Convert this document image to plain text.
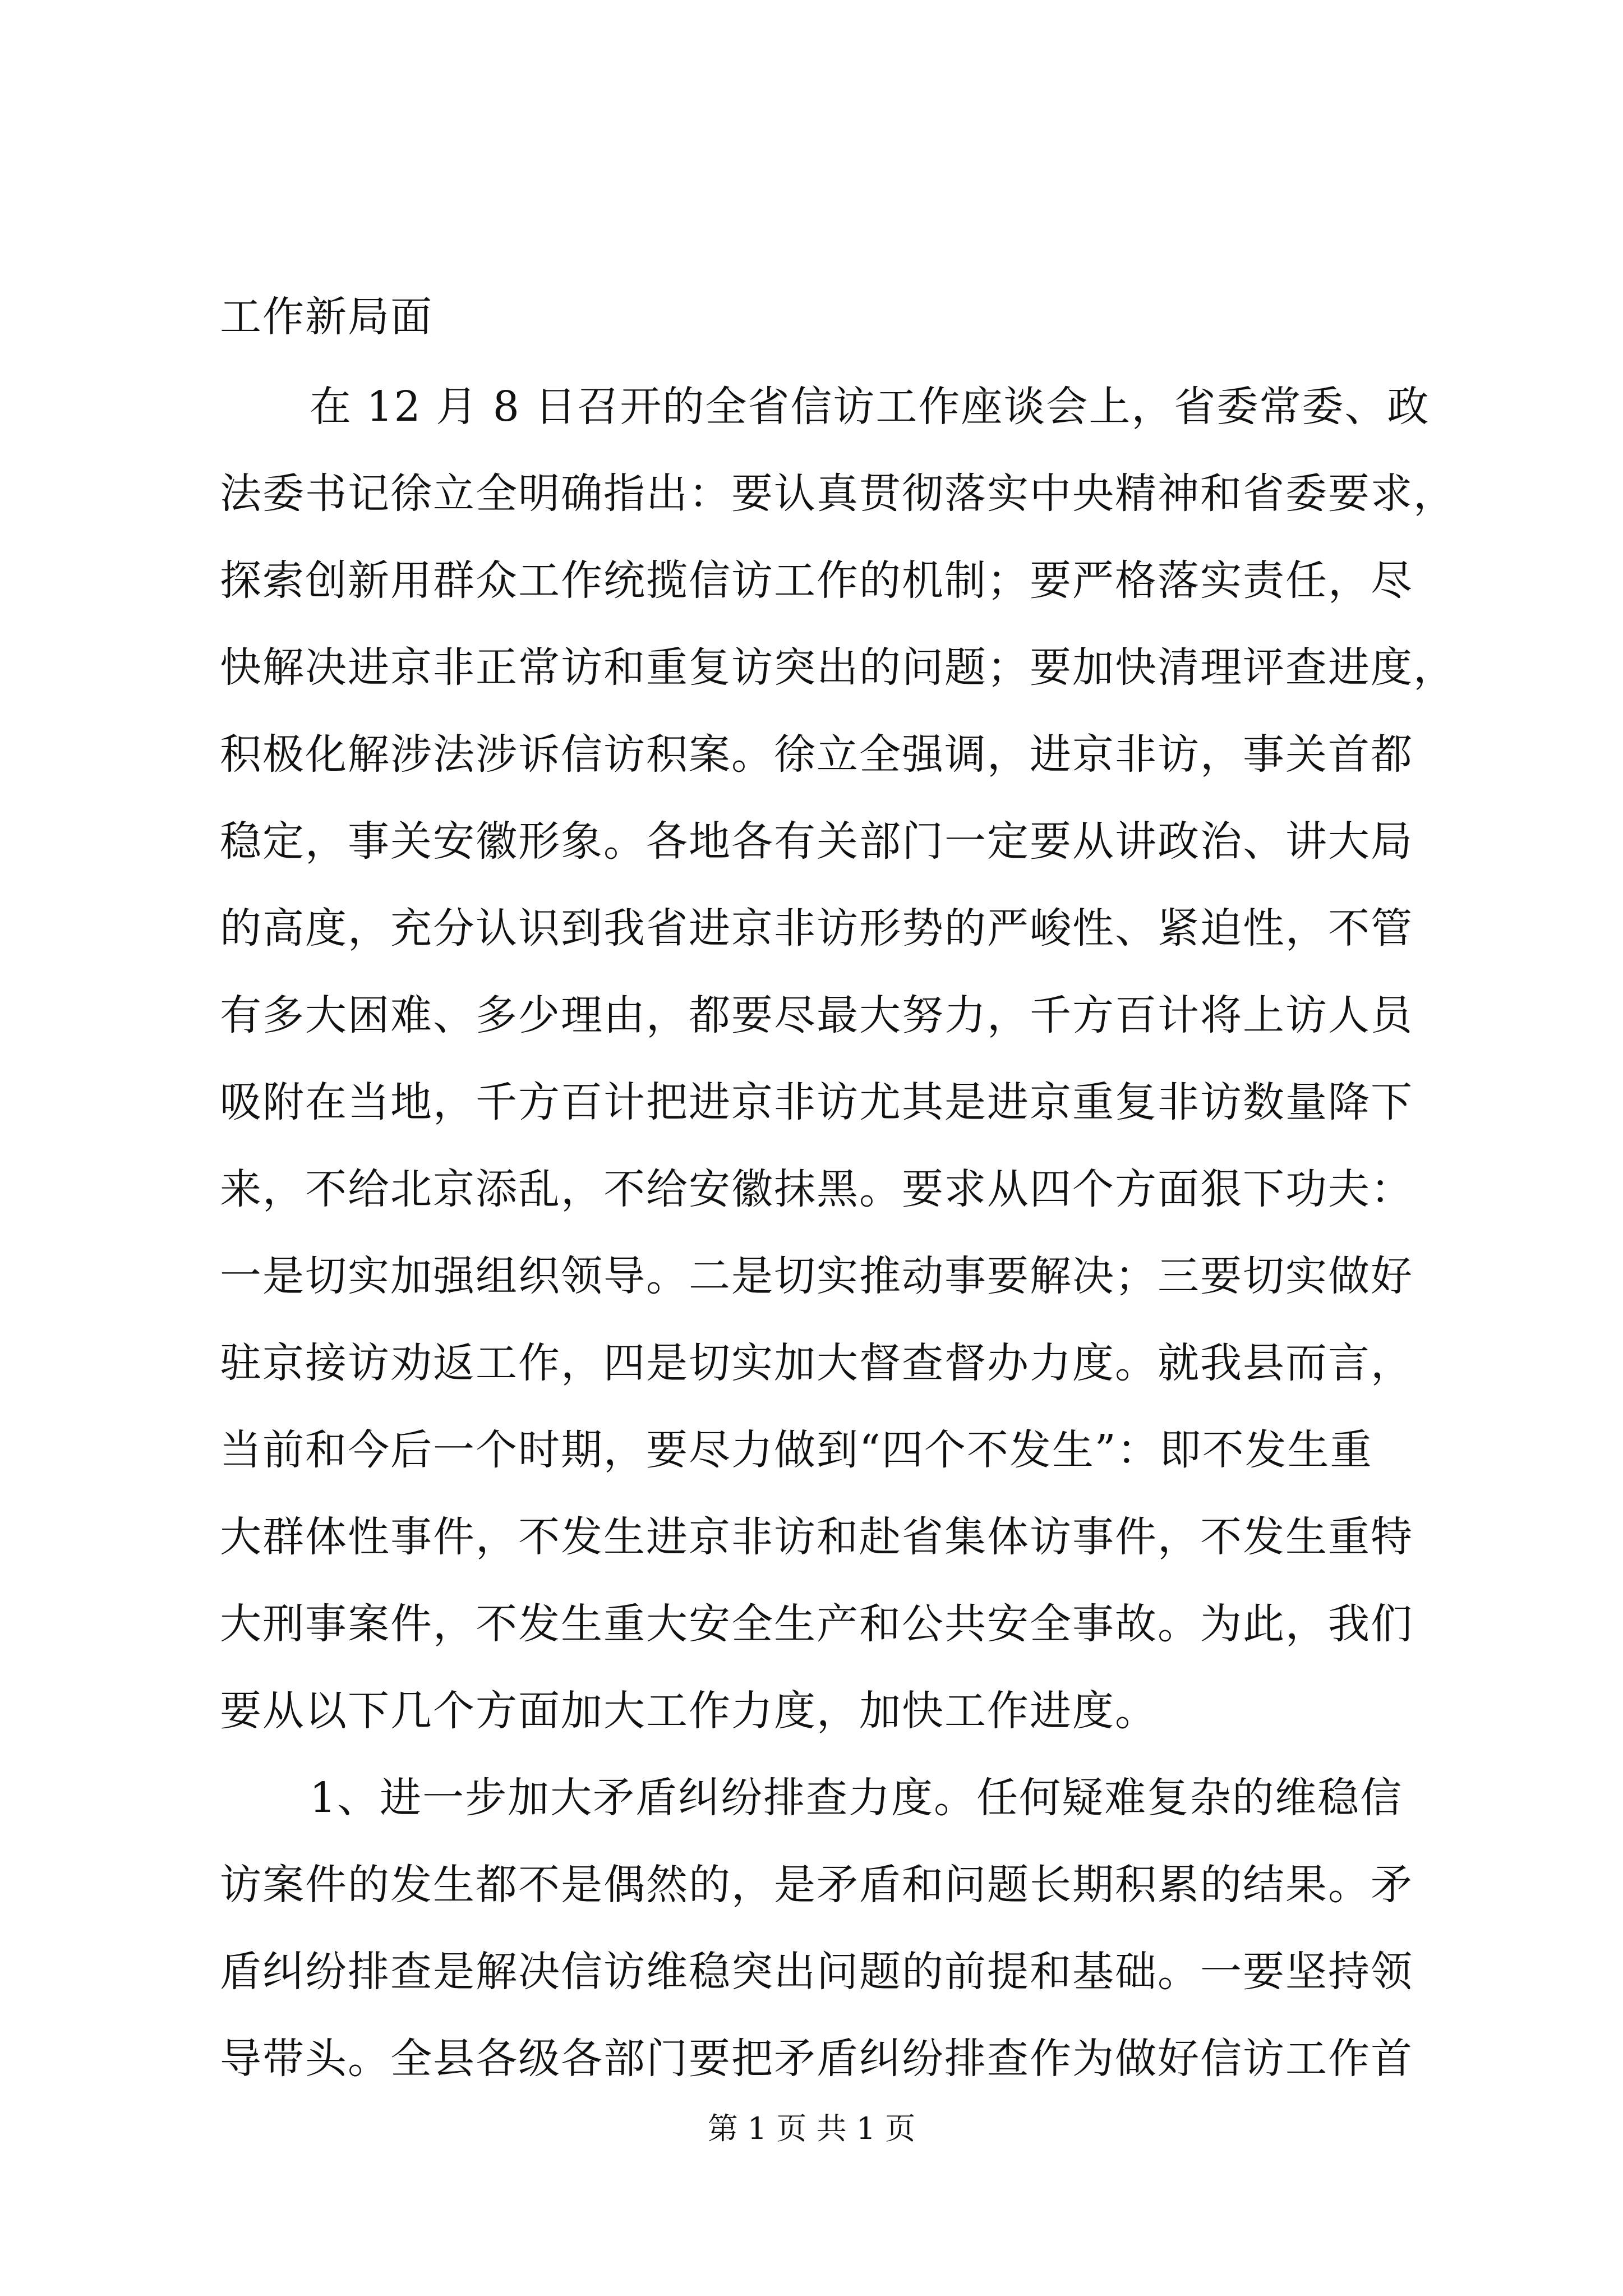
工作新局面
在 12 月 8 日召开的全省信访工作座谈会上，省委常委、政
法委书记徐立全明确指出：要认真贯彻落实中央精神和省委要求，
探索创新用群众工作统揽信访工作的机制；要严格落实责任，尽
快解决进京非正常访和重复访突出的问题；要加快清理评查进度，
积极化解涉法涉诉信访积案。徐立全强调，进京非访，事关首都
稳定，事关安徽形象。各地各有关部门一定要从讲政治、讲大局
的高度，充分认识到我省进京非访形势的严峻性、紧迫性，不管
有多大困难、多少理由，都要尽最大努力，千方百计将上访人员
吸附在当地，千方百计把进京非访尤其是进京重复非访数量降下
来，不给北京添乱，不给安徽抹黑。要求从四个方面狠下功夫：
一是切实加强组织领导。二是切实推动事要解决；三要切实做好
驻京接访劝返工作，四是切实加大督查督办力度。就我县而言，
当前和今后一个时期，要尽力做到“四个不发生”：即不发生重
大群体性事件，不发生进京非访和赴省集体访事件，不发生重特
大刑事案件，不发生重大安全生产和公共安全事故。为此，我们
要从以下几个方面加大工作力度，加快工作进度。
1、进一步加大矛盾纠纷排查力度。任何疑难复杂的维稳信
访案件的发生都不是偶然的，是矛盾和问题长期积累的结果。矛
盾纠纷排查是解决信访维稳突出问题的前提和基础。一要坚持领
导带头。全县各级各部门要把矛盾纠纷排查作为做好信访工作首
第 1 页 共 1 页
